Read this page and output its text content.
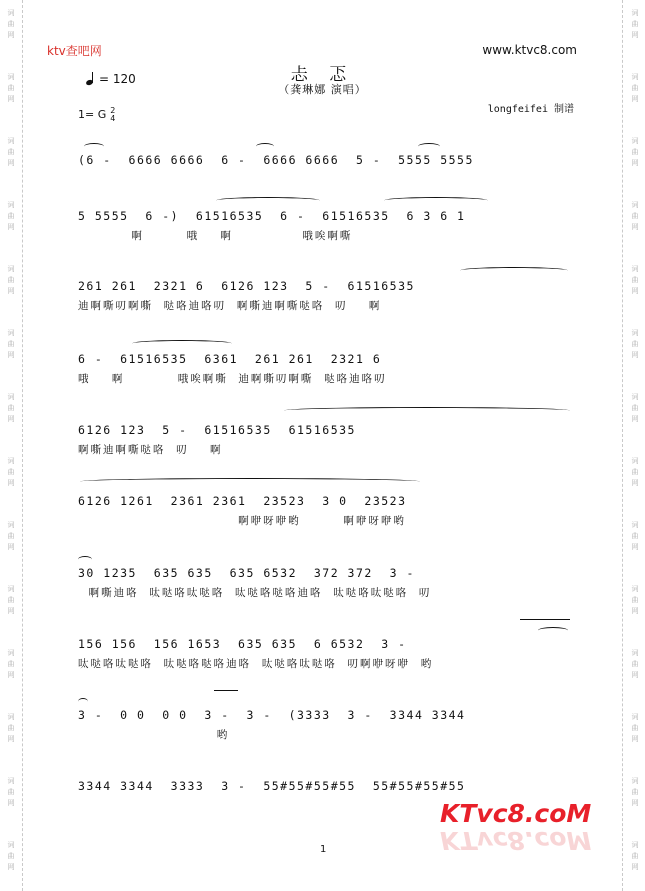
词
曲
网
词
曲
网
词
曲
网
词
曲
网
词
曲
网
词
曲
网
词
曲
网
词
曲
网
词
曲
网
词
曲
网
词
曲
网
词
曲
网
词
曲
网
词
曲
网
词
曲
网
词
曲
网
词
曲
网
词
曲
网
词
曲
网
词
曲
网
词
曲
网
词
曲
网
词
曲
网
词
曲
网
词
曲
网
词
曲
网
词
曲
网
词
曲
网
ktv查吧网	www.ktvc8.com
忐 忑
（龚琳娜 演唱）
= 120
1= G 2
4
longfeifei 制谱
(6 -  6666 6666  6 -  6666 6666  5 -  5555 5555
5 5555  6 -)  61516535  6 -  61516535  6 3 6 1
啊        哦    啊             哦唉啊嘶
261 261  2321 6  6126 123  5 -  61516535
迪啊嘶叨啊嘶  哒咯迪咯叨  啊嘶迪啊嘶哒咯  叨    啊
6 -  61516535  6361  261 261  2321 6
哦    啊          哦唉啊嘶  迪啊嘶叨啊嘶  哒咯迪咯叨
6126 123  5 -  61516535  61516535
啊嘶迪啊嘶哒咯  叨    啊
6126 1261  2361 2361  23523  3 0  23523
啊咿呀咿哟        啊咿呀咿哟
30 1235  635 635  635 6532  372 372  3 -
啊嘶迪咯  呔哒咯呔哒咯  呔哒咯哒咯迪咯  呔哒咯呔哒咯  叨
156 156  156 1653  635 635  6 6532  3 -
呔哒咯呔哒咯  呔哒咯哒咯迪咯  呔哒咯呔哒咯  叨啊咿呀咿  哟
3 -  0 0  0 0  3 -  3 -  (3333  3 -  3344 3344
哟
3344 3344  3333  3 -  55#55#55#55  55#55#55#55
KTvc8.coM
KTvc8.coM
1
